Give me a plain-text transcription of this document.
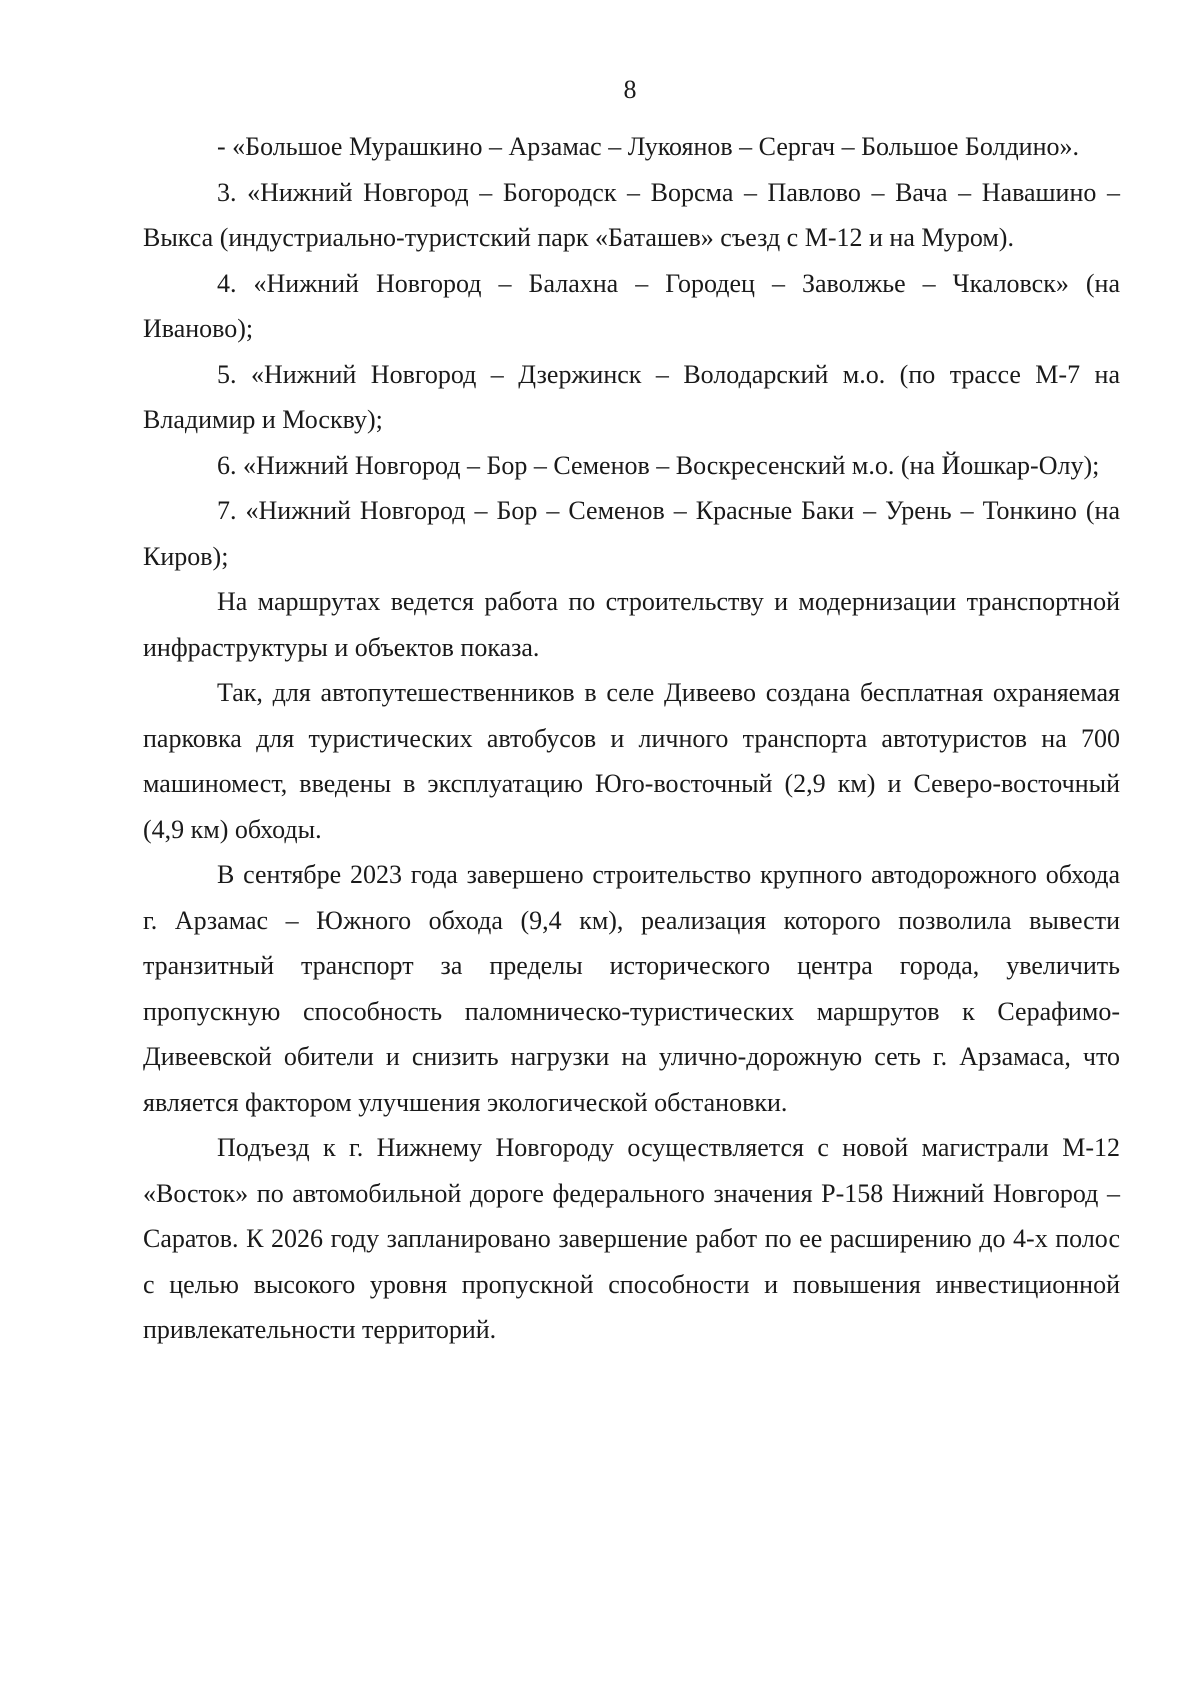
8

- «Большое Мурашкино – Арзамас – Лукоянов – Сергач – Большое Болдино».

3. «Нижний Новгород – Богородск – Ворсма – Павлово – Вача – Навашино – Выкса (индустриально-туристский парк «Баташев» съезд с М-12 и на Муром).

4. «Нижний Новгород – Балахна – Городец – Заволжье – Чкаловск» (на Иваново);

5. «Нижний Новгород – Дзержинск – Володарский м.о. (по трассе М-7 на Владимир и Москву);

6. «Нижний Новгород – Бор – Семенов – Воскресенский м.о. (на Йошкар-Олу);

7. «Нижний Новгород – Бор – Семенов – Красные Баки – Урень – Тонкино (на Киров);

На маршрутах ведется работа по строительству и модернизации транспортной инфраструктуры и объектов показа.

Так, для автопутешественников в селе Дивеево создана бесплатная охраняемая парковка для туристических автобусов и личного транспорта автотуристов на 700 машиномест, введены в эксплуатацию Юго-восточный (2,9 км) и Северо-восточный (4,9 км) обходы.

В сентябре 2023 года завершено строительство крупного автодорожного обхода г. Арзамас – Южного обхода (9,4 км), реализация которого позволила вывести транзитный транспорт за пределы исторического центра города, увеличить пропускную способность паломническо-туристических маршрутов к Серафимо-Дивеевской обители и снизить нагрузки на улично-дорожную сеть г. Арзамаса, что является фактором улучшения экологической обстановки.

Подъезд к г. Нижнему Новгороду осуществляется с новой магистрали М-12 «Восток» по автомобильной дороге федерального значения Р-158 Нижний Новгород – Саратов. К 2026 году запланировано завершение работ по ее расширению до 4-х полос с целью высокого уровня пропускной способности и повышения инвестиционной привлекательности территорий.
